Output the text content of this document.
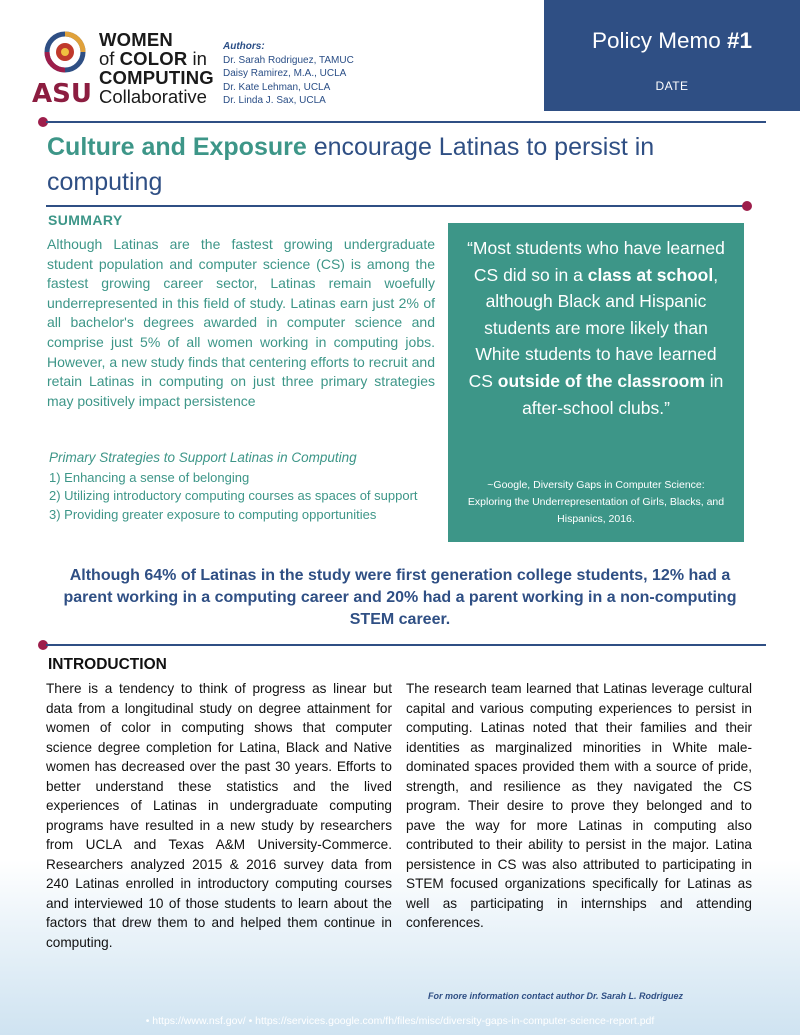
ASU
WOMEN
of COLOR in
COMPUTING
Collaborative
Authors:
Dr. Sarah Rodriguez, TAMUC
Daisy Ramirez, M.A., UCLA
Dr. Kate Lehman, UCLA
Dr. Linda J. Sax, UCLA
Policy Memo #1
DATE
Culture and Exposure encourage Latinas to persist in computing
SUMMARY
Although Latinas are the fastest growing undergraduate student population and computer science (CS) is among the fastest growing career sector, Latinas remain woefully underrepresented in this field of study. Latinas earn just 2% of all bachelor's degrees awarded in computer science and comprise just 5% of all women working in computing jobs. However, a new study finds that centering efforts to recruit and retain Latinas in computing on just three primary strategies may positively impact persistence
Primary Strategies to Support Latinas in Computing
1) Enhancing a sense of belonging
2) Utilizing introductory computing courses as spaces of support
3) Providing greater exposure to computing opportunities
“Most students who have learned CS did so in a class at school, although Black and Hispanic students are more likely than White students to have learned CS outside of the classroom in after-school clubs.”
~Google, Diversity Gaps in Computer Science: Exploring the Underrepresentation of Girls, Blacks, and Hispanics, 2016.
Although 64% of Latinas in the study were first generation college students, 12% had a parent working in a computing career and 20% had a parent working in a non-computing STEM career.
INTRODUCTION
There is a tendency to think of progress as linear but data from a longitudinal study on degree attainment for women of color in computing shows that computer science degree completion for Latina, Black and Native women has decreased over the past 30 years. Efforts to better understand these statistics and the lived experiences of Latinas in undergraduate computing programs have resulted in a new study by researchers from UCLA and Texas A&M University-Commerce. Researchers analyzed 2015 & 2016 survey data from 240 Latinas enrolled in introductory computing courses and interviewed 10 of those students to learn about the factors that drew them to and helped them continue in computing.
The research team learned that Latinas leverage cultural capital and various computing experiences to persist in computing. Latinas noted that their families and their identities as marginalized minorities in White male-dominated spaces provided them with a source of pride, strength, and resilience as they navigated the CS program. Their desire to prove they belonged and to pave the way for more Latinas in computing also contributed to their ability to persist in the major. Latina persistence in CS was also attributed to participating in STEM focused organizations specifically for Latinas as well as participating in internships and attending conferences.
For more information contact author Dr. Sarah L. Rodriguez
• https://www.nsf.gov/ • https://services.google.com/fh/files/misc/diversity-gaps-in-computer-science-report.pdf
